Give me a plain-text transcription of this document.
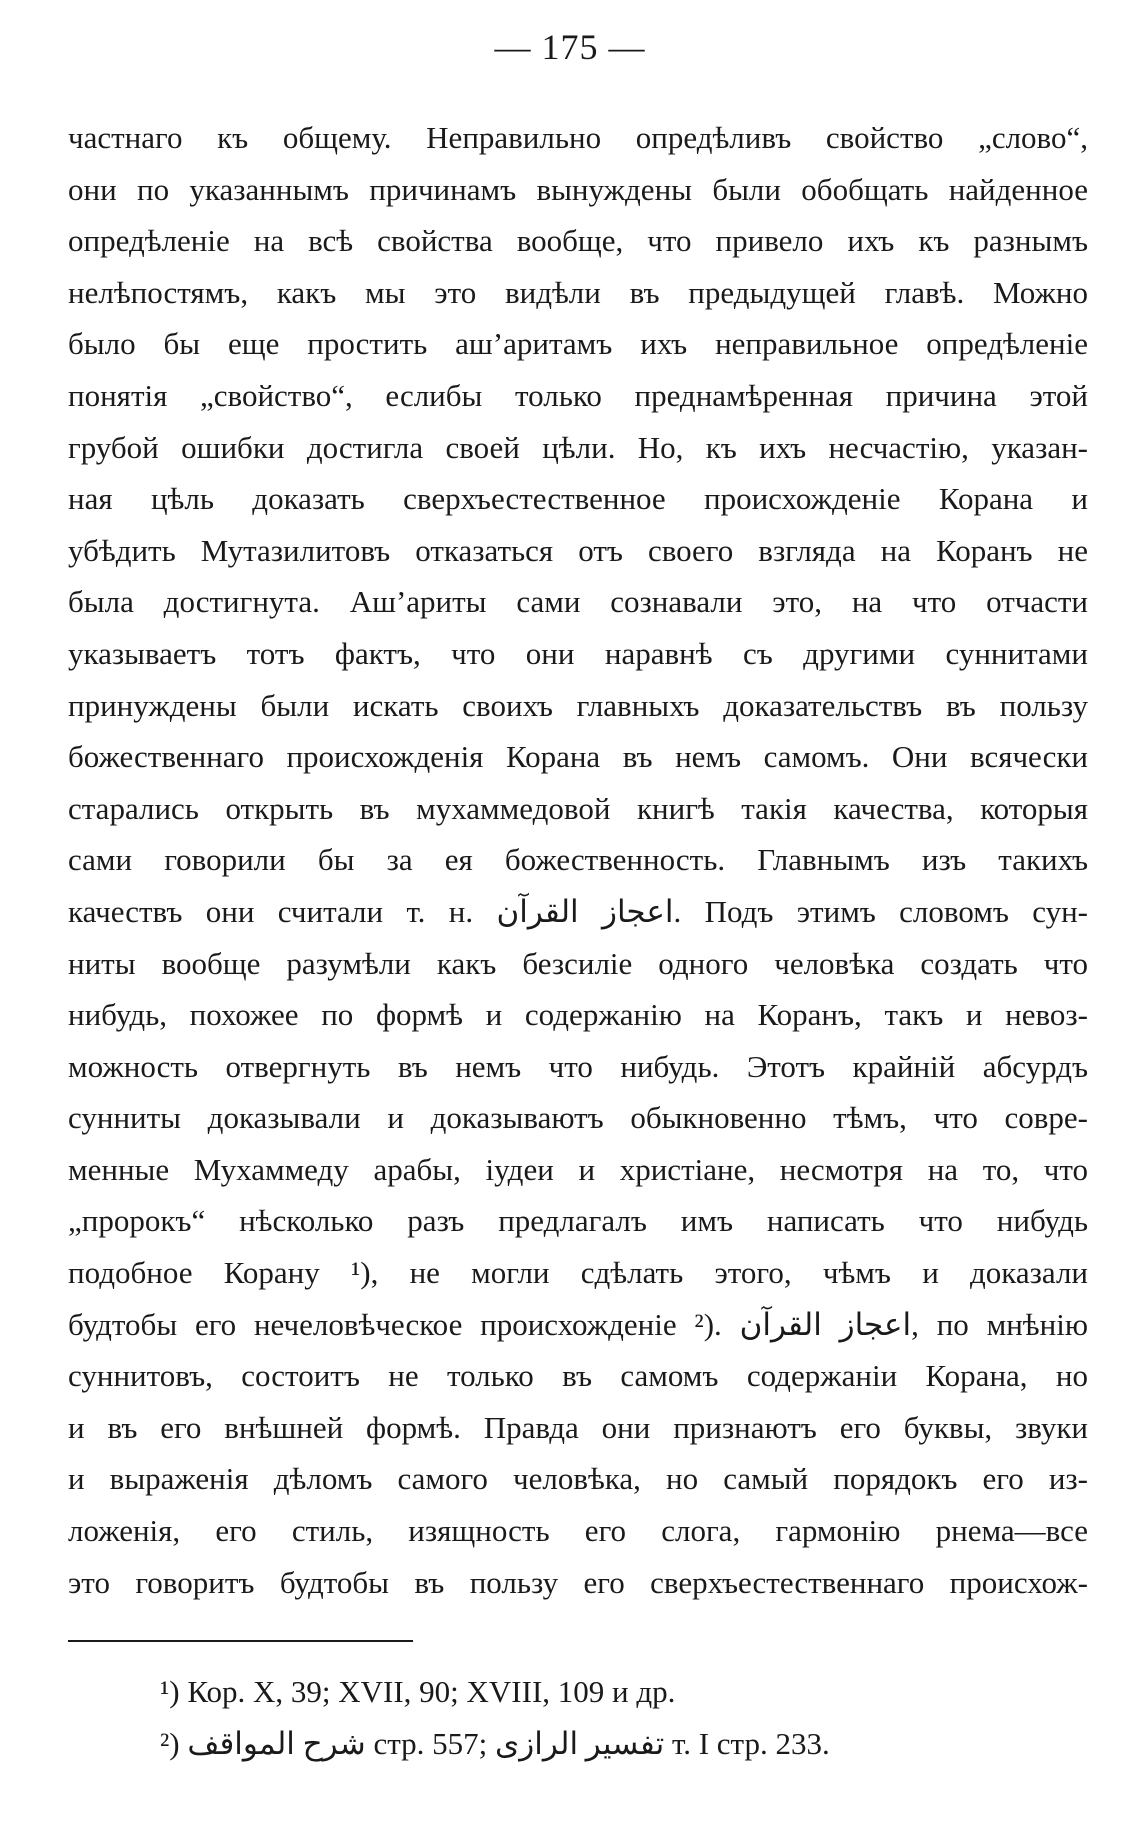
— 175 —
частнаго къ общему. Неправильно опредѣливъ свойство „слово“,
они по указаннымъ причинамъ вынуждены были обобщать найденное
опредѣленіе на всѣ свойства вообще, что привело ихъ къ разнымъ
нелѣпостямъ, какъ мы это видѣли въ предыдущей главѣ. Можно
было бы еще простить аш’аритамъ ихъ неправильное опредѣленіе
понятія „свойство“, еслибы только преднамѣренная причина этой
грубой ошибки достигла своей цѣли. Но, къ ихъ несчастію, указан-
ная цѣль доказать сверхъестественное происхожденіе Корана и
убѣдить Мутазилитовъ отказаться отъ своего взгляда на Коранъ не
была достигнута. Аш’ариты сами сознавали это, на что отчасти
указываетъ тотъ фактъ, что они наравнѣ съ другими суннитами
принуждены были искать своихъ главныхъ доказательствъ въ пользу
божественнаго происхожденія Корана въ немъ самомъ. Они всячески
старались открыть въ мухаммедовой книгѣ такія качества, которыя
сами говорили бы за ея божественность. Главнымъ изъ такихъ
качествъ они считали т. н. اعجاز القرآن. Подъ этимъ словомъ сун-
ниты вообще разумѣли какъ безсиліе одного человѣка создать что
нибудь, похожее по формѣ и содержанію на Коранъ, такъ и невоз-
можность отвергнуть въ немъ что нибудь. Этотъ крайній абсурдъ
сунниты доказывали и доказываютъ обыкновенно тѣмъ, что совре-
менные Мухаммеду арабы, іудеи и христіане, несмотря на то, что
„пророкъ“ нѣсколько разъ предлагалъ имъ написать что нибудь
подобное Корану ¹), не могли сдѣлать этого, чѣмъ и доказали
будтобы его нечеловѣческое происхожденіе ²). اعجاز القرآن, по мнѣнію
суннитовъ, состоитъ не только въ самомъ содержаніи Корана, но
и въ его внѣшней формѣ. Правда они признаютъ его буквы, звуки
и выраженія дѣломъ самого человѣка, но самый порядокъ его из-
ложенія, его стиль, изящность его слога, гармонію рнема—все
это говоритъ будтобы въ пользу его сверхъестественнаго происхож-
¹) Кор. X, 39; XVII, 90; XVIII, 109 и др.
²) شرح المواقف стр. 557; تفسير الرازى т. I стр. 233.
